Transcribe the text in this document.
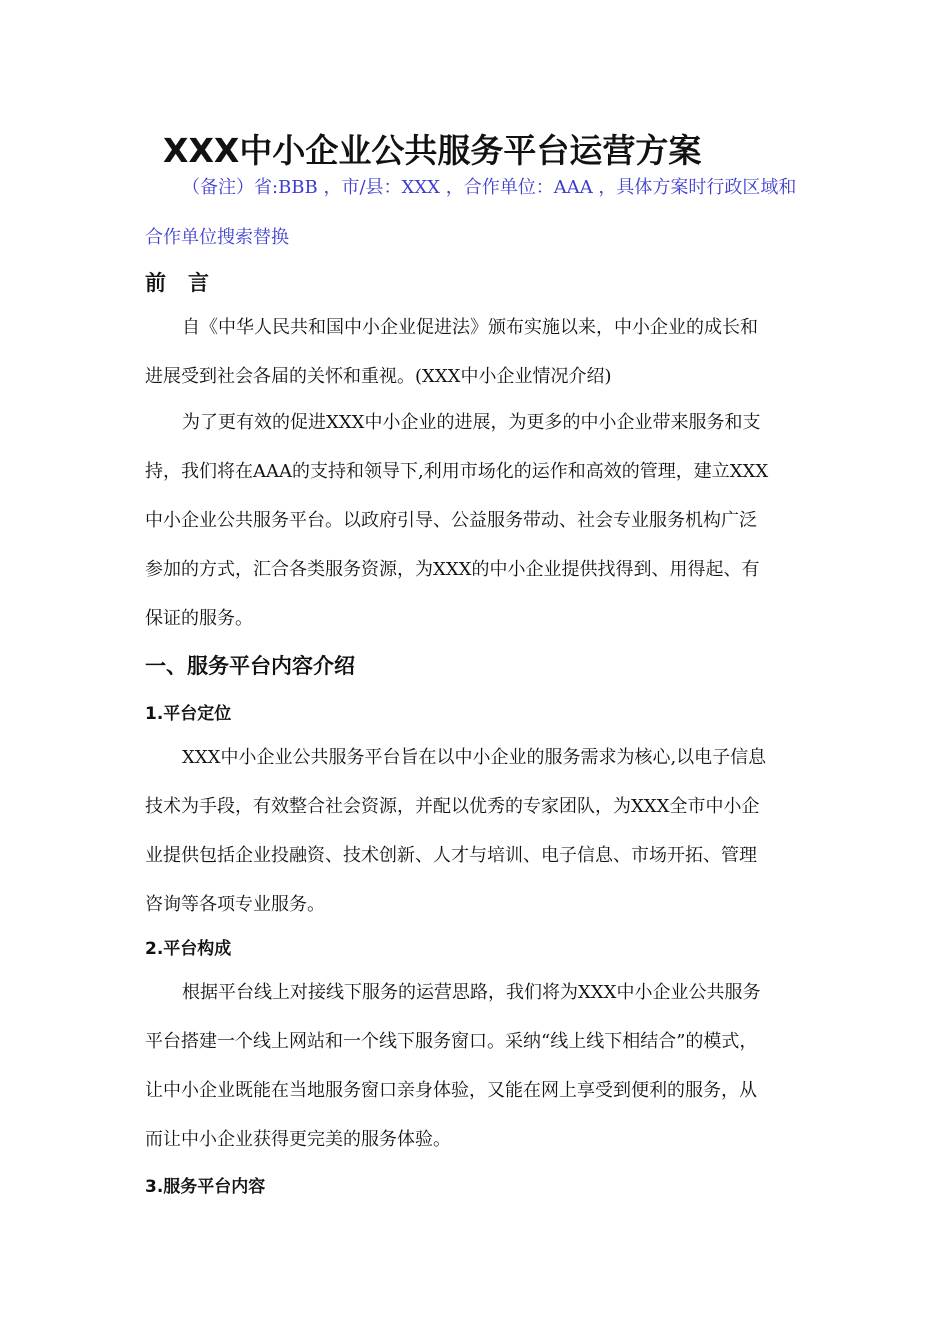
XXX中小企业公共服务平台运营方案
（备注）省:BBB ，市/县：XXX ，合作单位：AAA ，具体方案时行政区域和
合作单位搜索替换
前言

自《中华人民共和国中小企业促进法》颁布实施以来，中小企业的成长和
进展受到社会各届的关怀和重视。(XXX中小企业情况介绍)

为了更有效的促进XXX中小企业的进展，为更多的中小企业带来服务和支
持，我们将在AAA的支持和领导下,利用市场化的运作和高效的管理，建立XXX
中小企业公共服务平台。以政府引导、公益服务带动、社会专业服务机构广泛
参加的方式，汇合各类服务资源，为XXX的中小企业提供找得到、用得起、有
保证的服务。

一、服务平台内容介绍
1.平台定位

XXX中小企业公共服务平台旨在以中小企业的服务需求为核心,以电子信息
技术为手段，有效整合社会资源，并配以优秀的专家团队，为XXX全市中小企
业提供包括企业投融资、技术创新、人才与培训、电子信息、市场开拓、管理
咨询等各项专业服务。

2.平台构成

根据平台线上对接线下服务的运营思路，我们将为XXX中小企业公共服务
平台搭建一个线上网站和一个线下服务窗口。采纳“线上线下相结合”的模式，
让中小企业既能在当地服务窗口亲身体验，又能在网上享受到便利的服务，从
而让中小企业获得更完美的服务体验。

3.服务平台内容
